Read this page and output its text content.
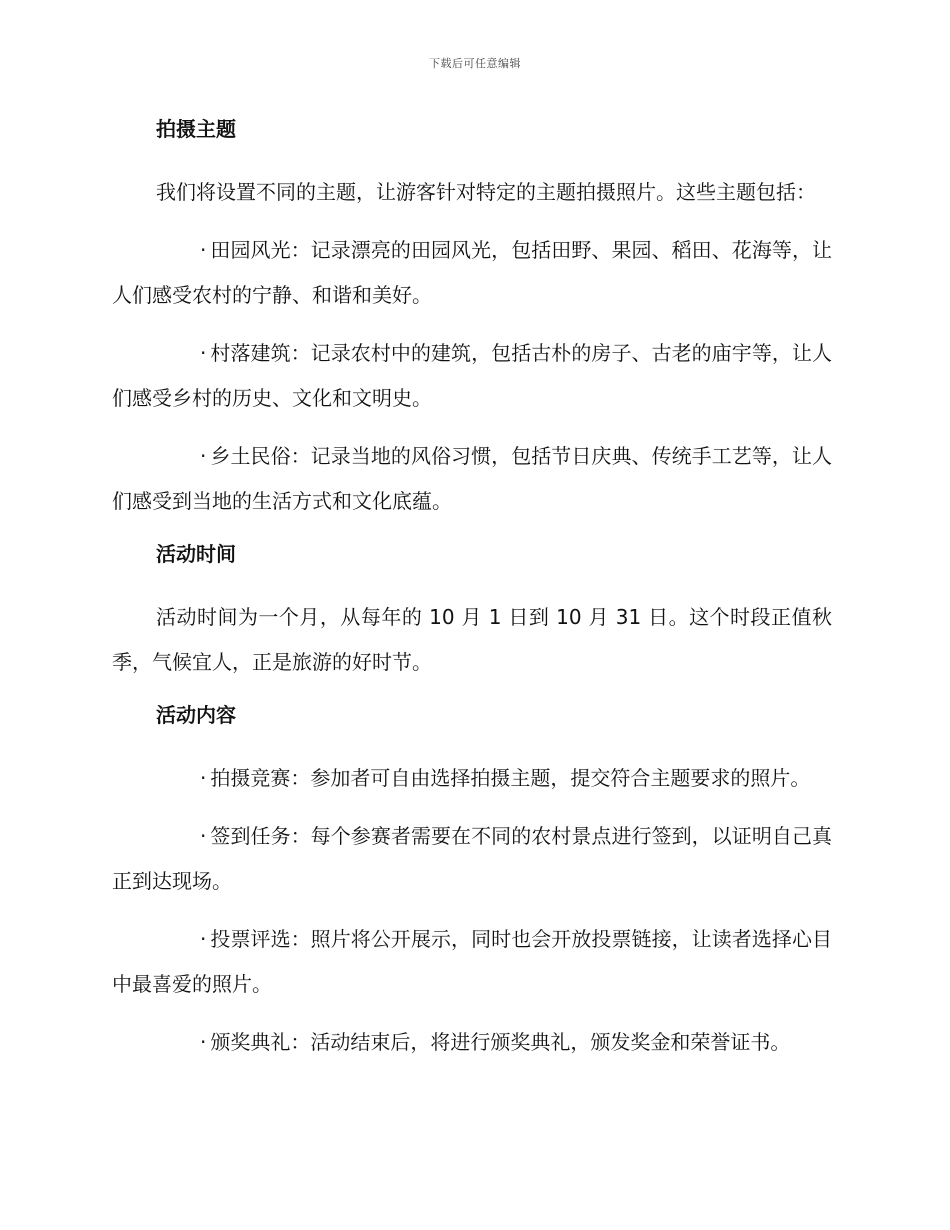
下载后可任意编辑
拍摄主题
我们将设置不同的主题，让游客针对特定的主题拍摄照片。这些主题包括：
· 田园风光：记录漂亮的田园风光，包括田野、果园、稻田、花海等，让人们感受农村的宁静、和谐和美好。
· 村落建筑：记录农村中的建筑，包括古朴的房子、古老的庙宇等，让人们感受乡村的历史、文化和文明史。
· 乡土民俗：记录当地的风俗习惯，包括节日庆典、传统手工艺等，让人们感受到当地的生活方式和文化底蕴。
活动时间
活动时间为一个月，从每年的 10 月 1 日到 10 月 31 日。这个时段正值秋季，气候宜人，正是旅游的好时节。
活动内容
· 拍摄竞赛：参加者可自由选择拍摄主题，提交符合主题要求的照片。
· 签到任务：每个参赛者需要在不同的农村景点进行签到，以证明自己真正到达现场。
· 投票评选：照片将公开展示，同时也会开放投票链接，让读者选择心目中最喜爱的照片。
· 颁奖典礼：活动结束后，将进行颁奖典礼，颁发奖金和荣誉证书。
